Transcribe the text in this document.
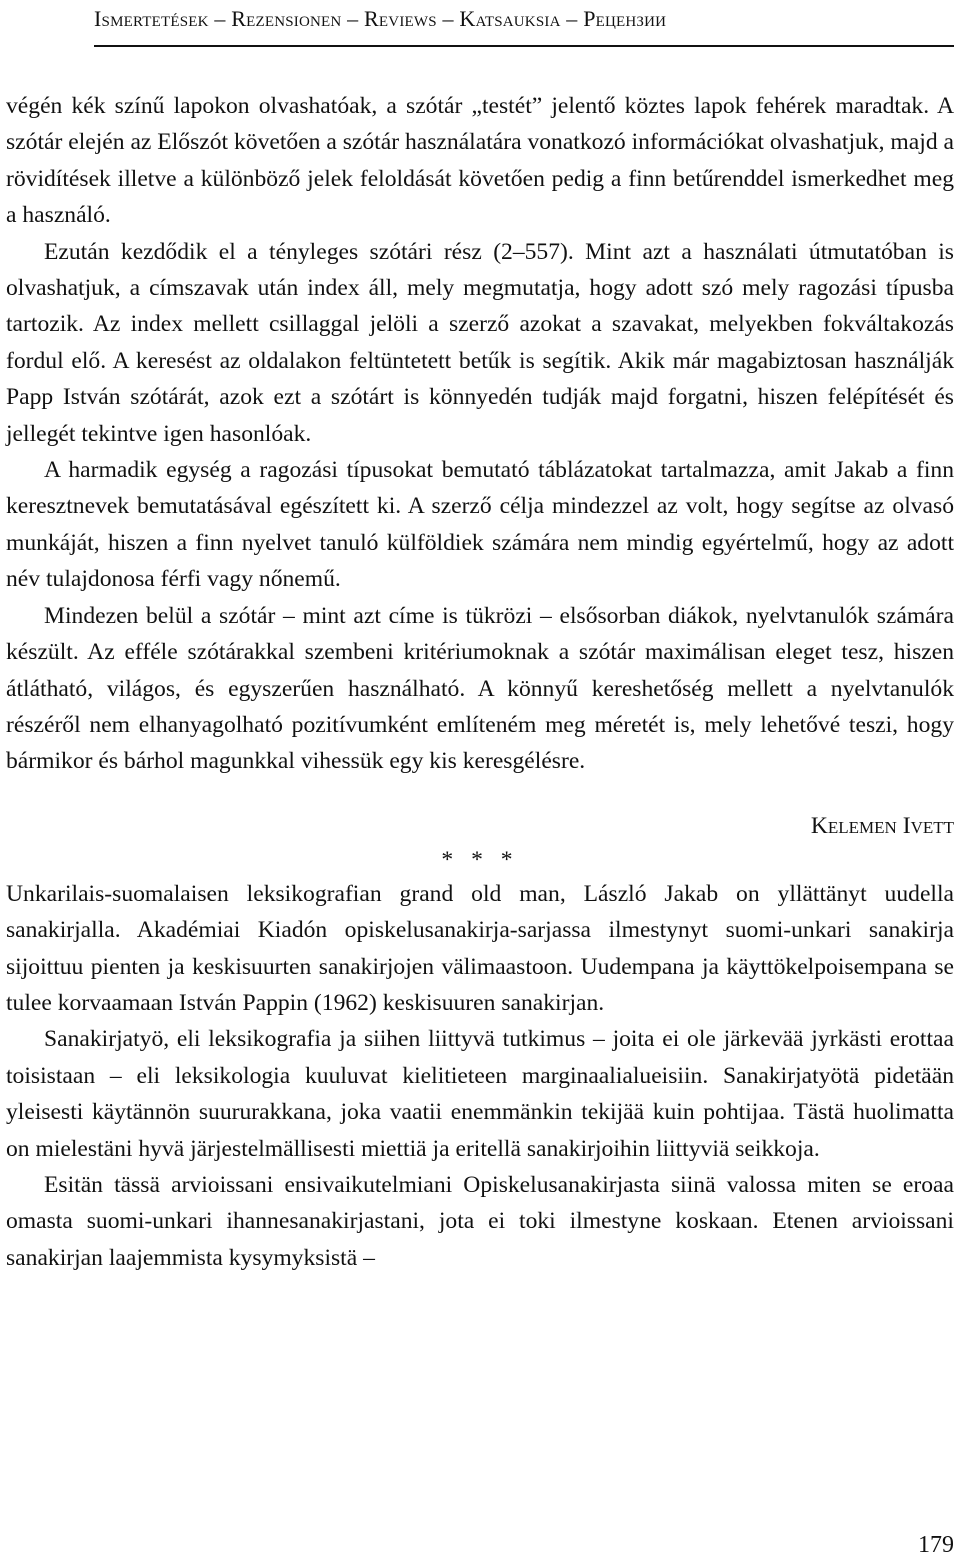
Ismertetések – Rezensionen – Reviews – Katsauksia – Рецензии

végén kék színű lapokon olvashatóak, a szótár „testét” jelentő köztes lapok fehérek maradtak. A szótár elején az Előszót követően a szótár használatára vonatkozó információkat olvashatjuk, majd a rövidítések illetve a különböző jelek feloldását követően pedig a finn betűrenddel ismerkedhet meg a használó.

Ezután kezdődik el a tényleges szótári rész (2–557). Mint azt a használati útmutatóban is olvashatjuk, a címszavak után index áll, mely megmutatja, hogy adott szó mely ragozási típusba tartozik. Az index mellett csillaggal jelöli a szerző azokat a szavakat, melyekben fokváltakozás fordul elő. A keresést az oldalakon feltüntetett betűk is segítik. Akik már magabiztosan használják Papp István szótárát, azok ezt a szótárt is könnyedén tudják majd forgatni, hiszen felépítését és jellegét tekintve igen hasonlóak.

A harmadik egység a ragozási típusokat bemutató táblázatokat tartalmazza, amit Jakab a finn keresztnevek bemutatásával egészített ki. A szerző célja mindezzel az volt, hogy segítse az olvasó munkáját, hiszen a finn nyelvet tanuló külföldiek számára nem mindig egyértelmű, hogy az adott név tulajdonosa férfi vagy nőnemű.

Mindezen belül a szótár – mint azt címe is tükrözi – elsősorban diákok, nyelvtanulók számára készült. Az efféle szótárakkal szembeni kritériumoknak a szótár maximálisan eleget tesz, hiszen átlátható, világos, és egyszerűen használható. A könnyű kereshetőség mellett a nyelvtanulók részéről nem elhanyagolható pozitívumként említeném meg méretét is, mely lehetővé teszi, hogy bármikor és bárhol magunkkal vihessük egy kis keresgélésre.

Kelemen Ivett

* * *

Unkarilais-suomalaisen leksikografian grand old man, László Jakab on yllättänyt uudella sanakirjalla. Akadémiai Kiadón opiskelusanakirja-sarjassa ilmestynyt suomi-unkari sanakirja sijoittuu pienten ja keskisuurten sanakirjojen välimaastoon. Uudempana ja käyttökelpoisempana se tulee korvaamaan István Pappin (1962) keskisuuren sanakirjan.

Sanakirjatyö, eli leksikografia ja siihen liittyvä tutkimus – joita ei ole järkevää jyrkästi erottaa toisistaan – eli leksikologia kuuluvat kielitieteen marginaalialueisiin. Sanakirjatyötä pidetään yleisesti käytännön suururakkana, joka vaatii enemmänkin tekijää kuin pohtijaa. Tästä huolimatta on mielestäni hyvä järjestelmällisesti miettiä ja eritellä sanakirjoihin liittyviä seikkoja.

Esitän tässä arvioissani ensivaikutelmiani Opiskelusanakirjasta siinä valossa miten se eroaa omasta suomi-unkari ihannesanakirjastani, jota ei toki ilmestyne koskaan. Etenen arvioissani sanakirjan laajemmista kysymyksistä –

179
